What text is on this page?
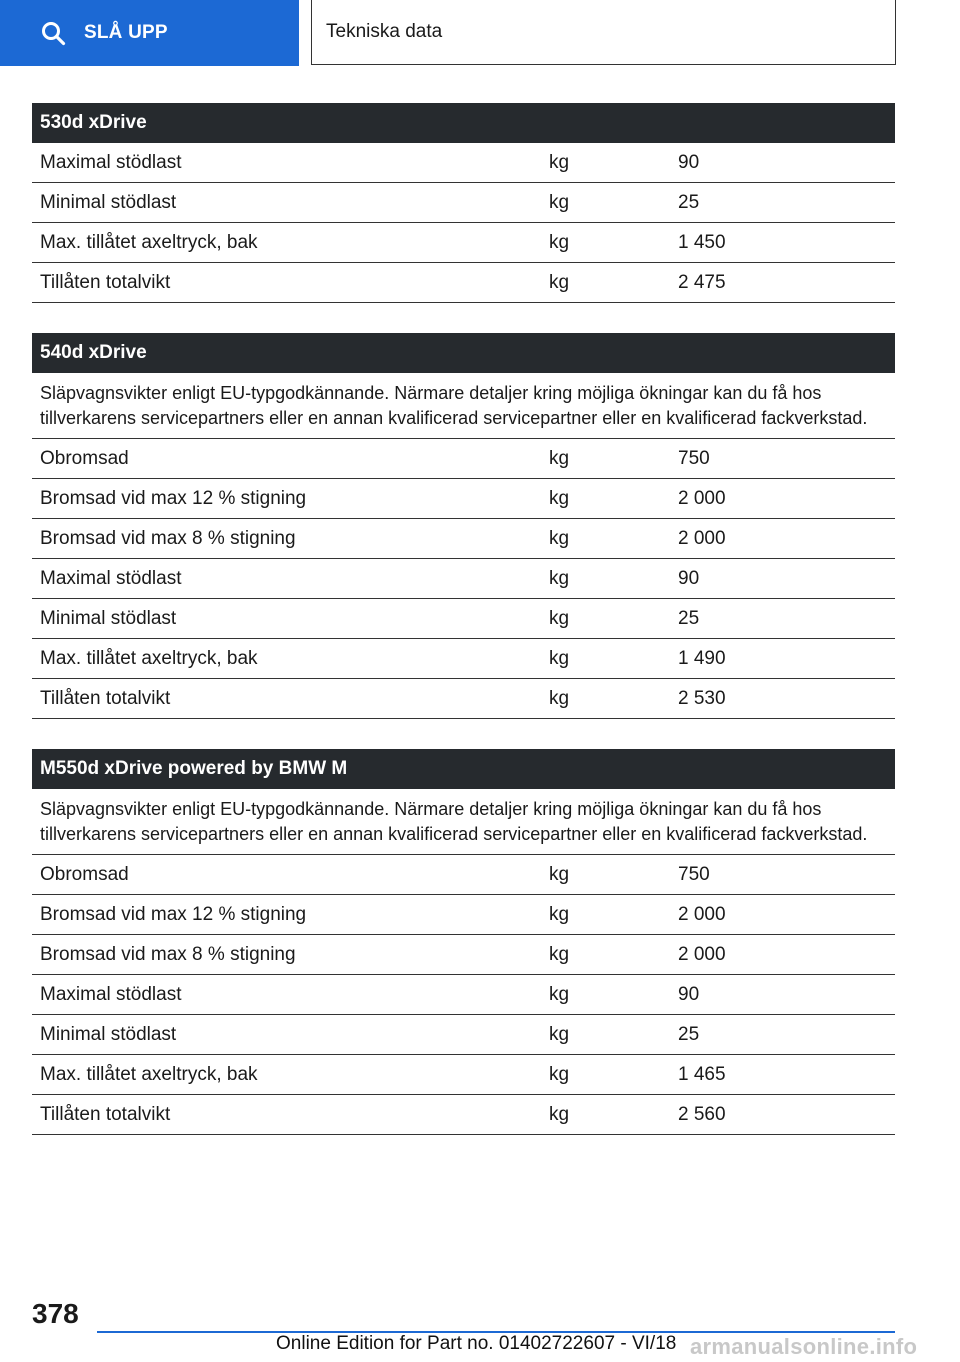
SLÅ UPP	Tekniska data
530d xDrive
Maximal stödlast	kg	90
Minimal stödlast	kg	25
Max. tillåtet axeltryck, bak	kg	1 450
Tillåten totalvikt	kg	2 475
540d xDrive
Släpvagnsvikter enligt EU-typgodkännande. Närmare detaljer kring möjliga ökningar kan du få hos tillverkarens servicepartners eller en annan kvalificerad servicepartner eller en kvalificerad fackverkstad.
Obromsad	kg	750
Bromsad vid max 12 % stigning	kg	2 000
Bromsad vid max 8 % stigning	kg	2 000
Maximal stödlast	kg	90
Minimal stödlast	kg	25
Max. tillåtet axeltryck, bak	kg	1 490
Tillåten totalvikt	kg	2 530
M550d xDrive powered by BMW M
Släpvagnsvikter enligt EU-typgodkännande. Närmare detaljer kring möjliga ökningar kan du få hos tillverkarens servicepartners eller en annan kvalificerad servicepartner eller en kvalificerad fackverkstad.
Obromsad	kg	750
Bromsad vid max 12 % stigning	kg	2 000
Bromsad vid max 8 % stigning	kg	2 000
Maximal stödlast	kg	90
Minimal stödlast	kg	25
Max. tillåtet axeltryck, bak	kg	1 465
Tillåten totalvikt	kg	2 560
378
Online Edition for Part no. 01402722607 - VI/18 armanualsonline.info
